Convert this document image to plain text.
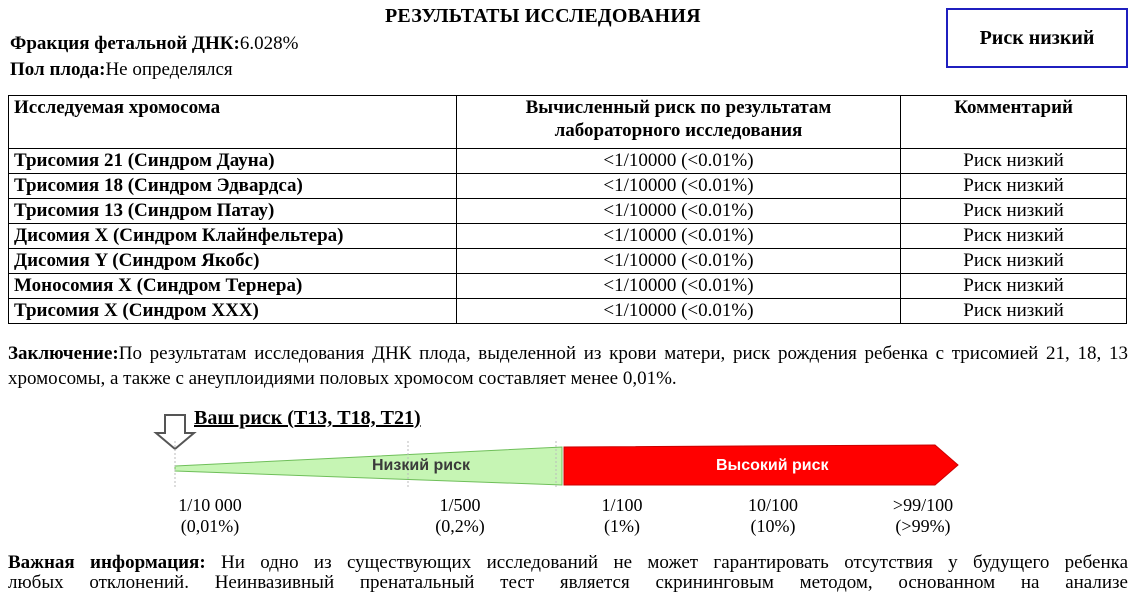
РЕЗУЛЬТАТЫ ИССЛЕДОВАНИЯ
Фракция фетальной ДНК:6.028%
Пол плода:Не определялся
Риск низкий
Исследуемая хромосома	Вычисленный риск по результатам лабораторного исследования	Комментарий
Трисомия 21 (Синдром Дауна)	<1/10000 (<0.01%)	Риск низкий
Трисомия 18 (Синдром Эдвардса)	<1/10000 (<0.01%)	Риск низкий
Трисомия 13 (Синдром Патау)	<1/10000 (<0.01%)	Риск низкий
Дисомия X (Синдром Клайнфельтера)	<1/10000 (<0.01%)	Риск низкий
Дисомия Y (Синдром Якобс)	<1/10000 (<0.01%)	Риск низкий
Моносомия X (Синдром Тернера)	<1/10000 (<0.01%)	Риск низкий
Трисомия X (Синдром XXX)	<1/10000 (<0.01%)	Риск низкий
Заключение:По результатам исследования ДНК плода, выделенной из крови матери, риск рождения ребенка с трисомией 21, 18, 13 хромосомы, а также с анеуплоидиями половых хромосом составляет менее 0,01%.
Ваш риск (Т13, Т18, Т21)
Низкий риск	Высокий риск
1/10 000
(0,01%)
1/500
(0,2%)
1/100
(1%)
10/100
(10%)
>99/100
(>99%)
Важная информация: Ни одно из существующих исследований не может гарантировать отсутствия у будущего ребенка
любых отклонений. Неинвазивный пренатальный тест является скрининговым методом, основанном на анализе
